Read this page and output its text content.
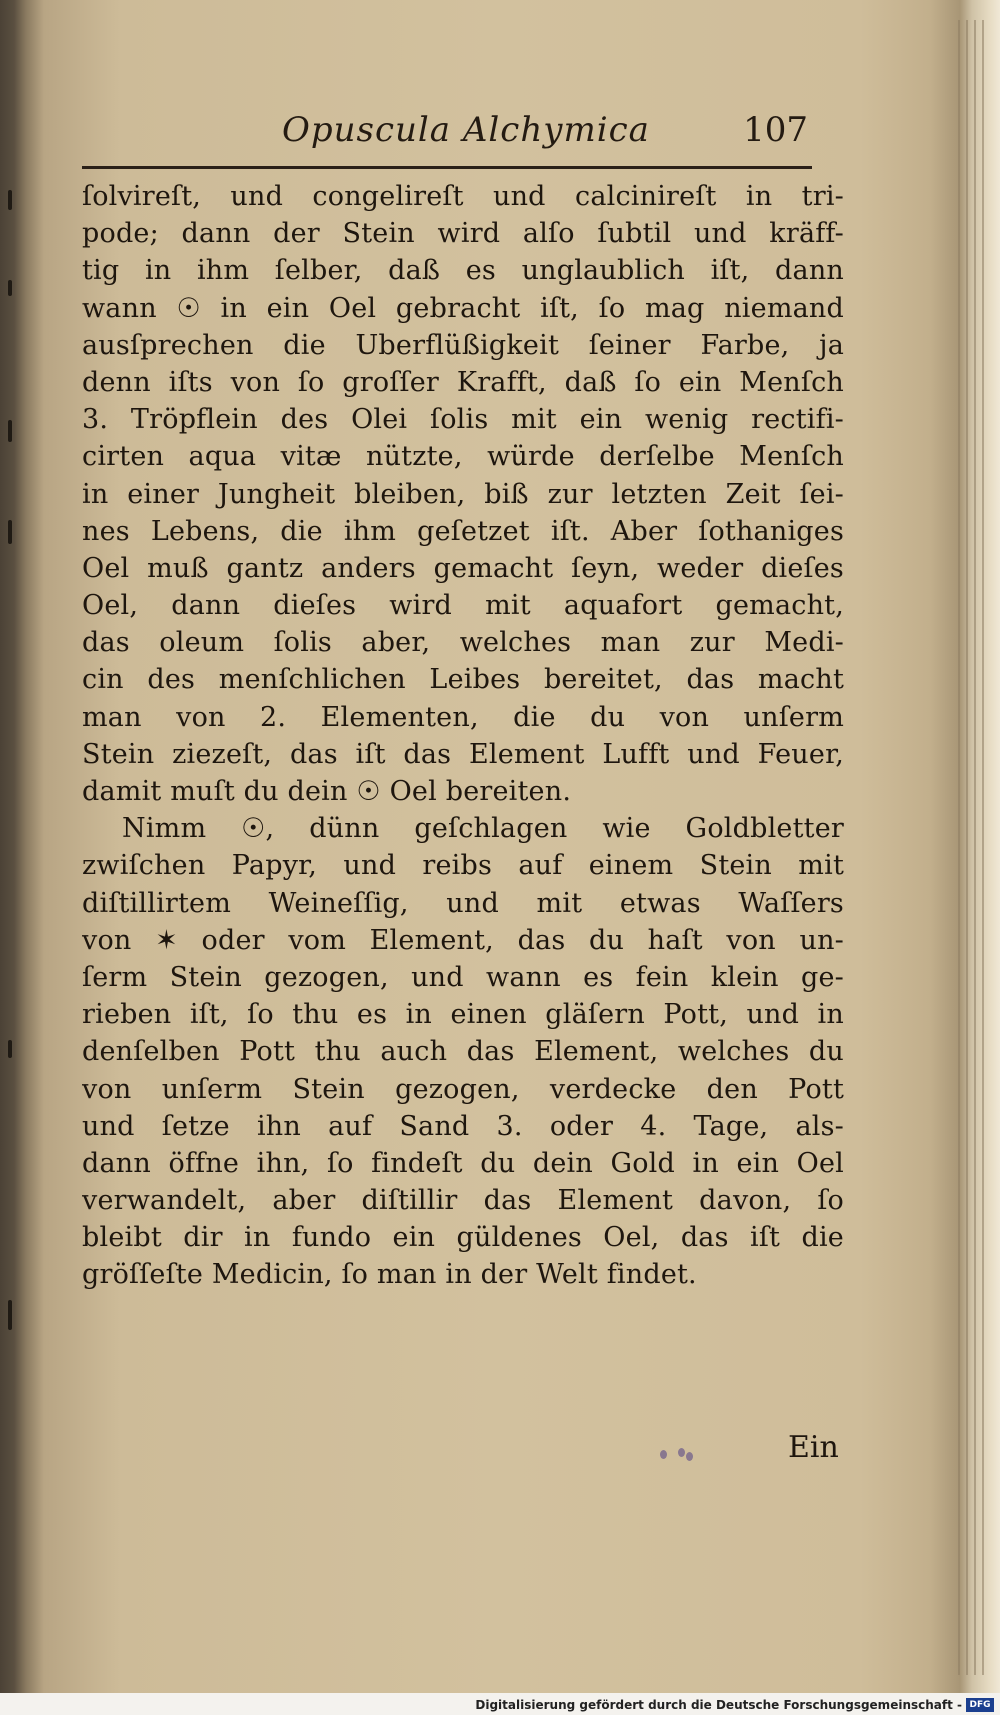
Opuscula Alchymica	107
ſolvireſt, und congelireſt und calcinireſt in tri-
pode; dann der Stein wird alſo ſubtil und kräff-
tig in ihm ſelber, daß es unglaublich iſt, dann
wann ☉ in ein Oel gebracht iſt, ſo mag niemand
ausſprechen die Uberflüßigkeit ſeiner Farbe, ja
denn iſts von ſo groſſer Krafft, daß ſo ein Menſch
3. Tröpflein des Olei ſolis mit ein wenig rectifi-
cirten aqua vitæ nützte, würde derſelbe Menſch
in einer Jungheit bleiben, biß zur letzten Zeit ſei-
nes Lebens, die ihm geſetzet iſt. Aber ſothaniges
Oel muß gantz anders gemacht ſeyn, weder dieſes
Oel, dann dieſes wird mit aquafort gemacht,
das oleum ſolis aber, welches man zur Medi-
cin des menſchlichen Leibes bereitet, das macht
man von 2. Elementen, die du von unſerm
Stein ziezeſt, das iſt das Element Lufft und Feuer,
damit muſt du dein ☉ Oel bereiten.
Nimm ☉, dünn geſchlagen wie Goldbletter
zwiſchen Papyr, und reibs auf einem Stein mit
diſtillirtem Weineſſig, und mit etwas Waſſers
von ✶ oder vom Element, das du haſt von un-
ſerm Stein gezogen, und wann es fein klein ge-
rieben iſt, ſo thu es in einen gläſern Pott, und in
denſelben Pott thu auch das Element, welches du
von unſerm Stein gezogen, verdecke den Pott
und ſetze ihn auf Sand 3. oder 4. Tage, als-
dann öffne ihn, ſo findeſt du dein Gold in ein Oel
verwandelt, aber diſtillir das Element davon, ſo
bleibt dir in fundo ein güldenes Oel, das iſt die
gröſſeſte Medicin, ſo man in der Welt findet.
Ein
Digitalisierung gefördert durch die Deutsche Forschungsgemeinschaft - DFG
